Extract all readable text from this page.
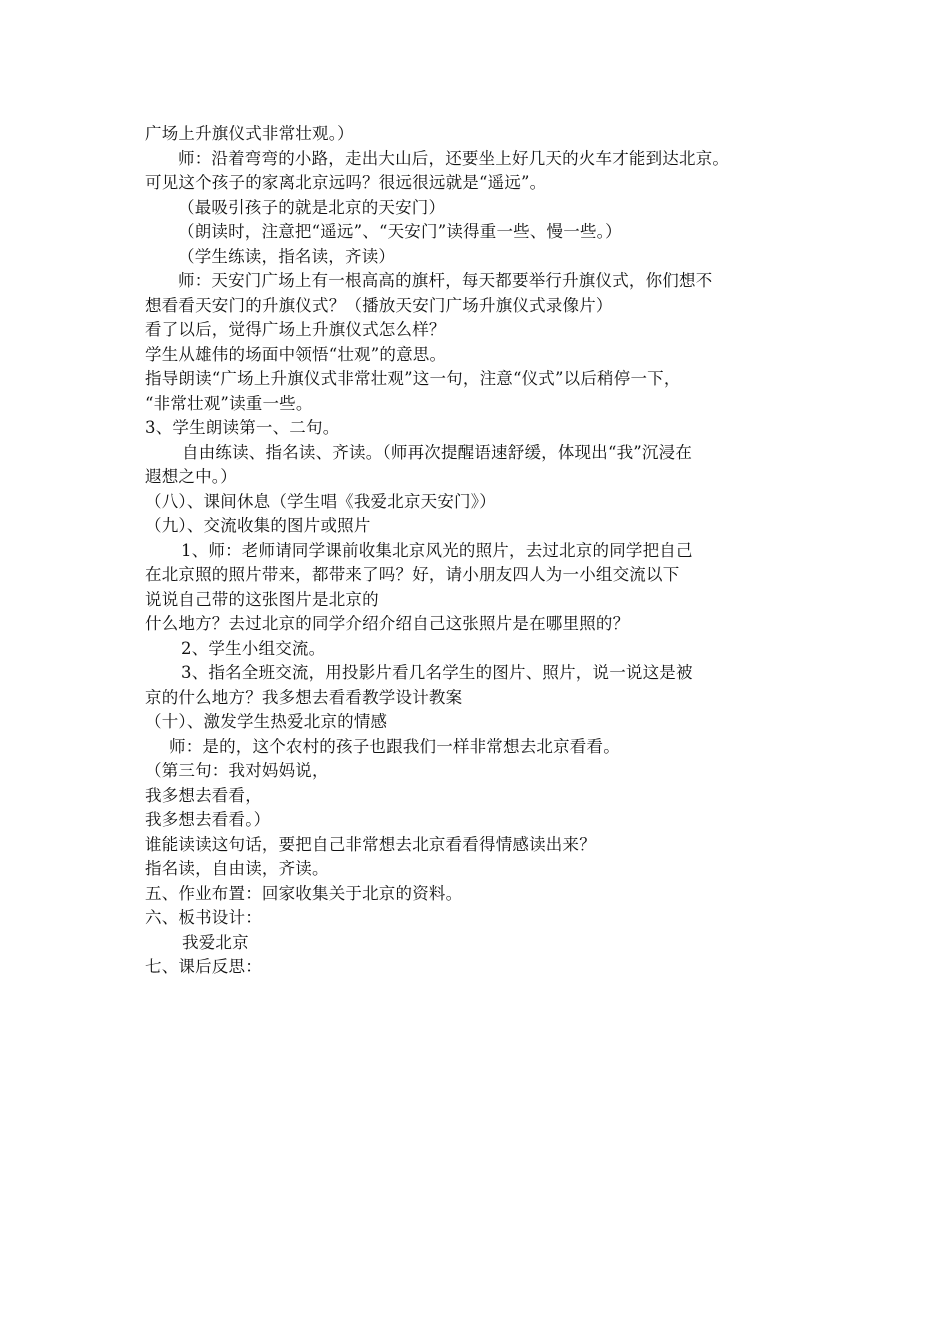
广场上升旗仪式非常壮观。）
师：沿着弯弯的小路，走出大山后，还要坐上好几天的火车才能到达北京。
可见这个孩子的家离北京远吗？很远很远就是“遥远”。
（最吸引孩子的就是北京的天安门）
（朗读时，注意把“遥远”、“天安门”读得重一些、慢一些。）
（学生练读，指名读，齐读）
师：天安门广场上有一根高高的旗杆，每天都要举行升旗仪式，你们想不
想看看天安门的升旗仪式？（播放天安门广场升旗仪式录像片）
看了以后，觉得广场上升旗仪式怎么样？
学生从雄伟的场面中领悟“壮观”的意思。
指导朗读“广场上升旗仪式非常壮观”这一句，注意“仪式”以后稍停一下，
“非常壮观”读重一些。
3、学生朗读第一、二句。
自由练读、指名读、齐读。（师再次提醒语速舒缓，体现出“我”沉浸在
遐想之中。）
（八）、课间休息（学生唱《我爱北京天安门》）
（九）、交流收集的图片或照片
1、师：老师请同学课前收集北京风光的照片，去过北京的同学把自己
在北京照的照片带来，都带来了吗？好，请小朋友四人为一小组交流以下
说说自己带的这张图片是北京的
什么地方？去过北京的同学介绍介绍自己这张照片是在哪里照的？
2、学生小组交流。
3、指名全班交流，用投影片看几名学生的图片、照片，说一说这是被
京的什么地方？我多想去看看教学设计教案
（十）、激发学生热爱北京的情感
师：是的，这个农村的孩子也跟我们一样非常想去北京看看。
（第三句：我对妈妈说，
我多想去看看，
我多想去看看。）
谁能读读这句话，要把自己非常想去北京看看得情感读出来？
指名读，自由读，齐读。
五、作业布置：回家收集关于北京的资料。
六、板书设计：
我爱北京
七、课后反思：
